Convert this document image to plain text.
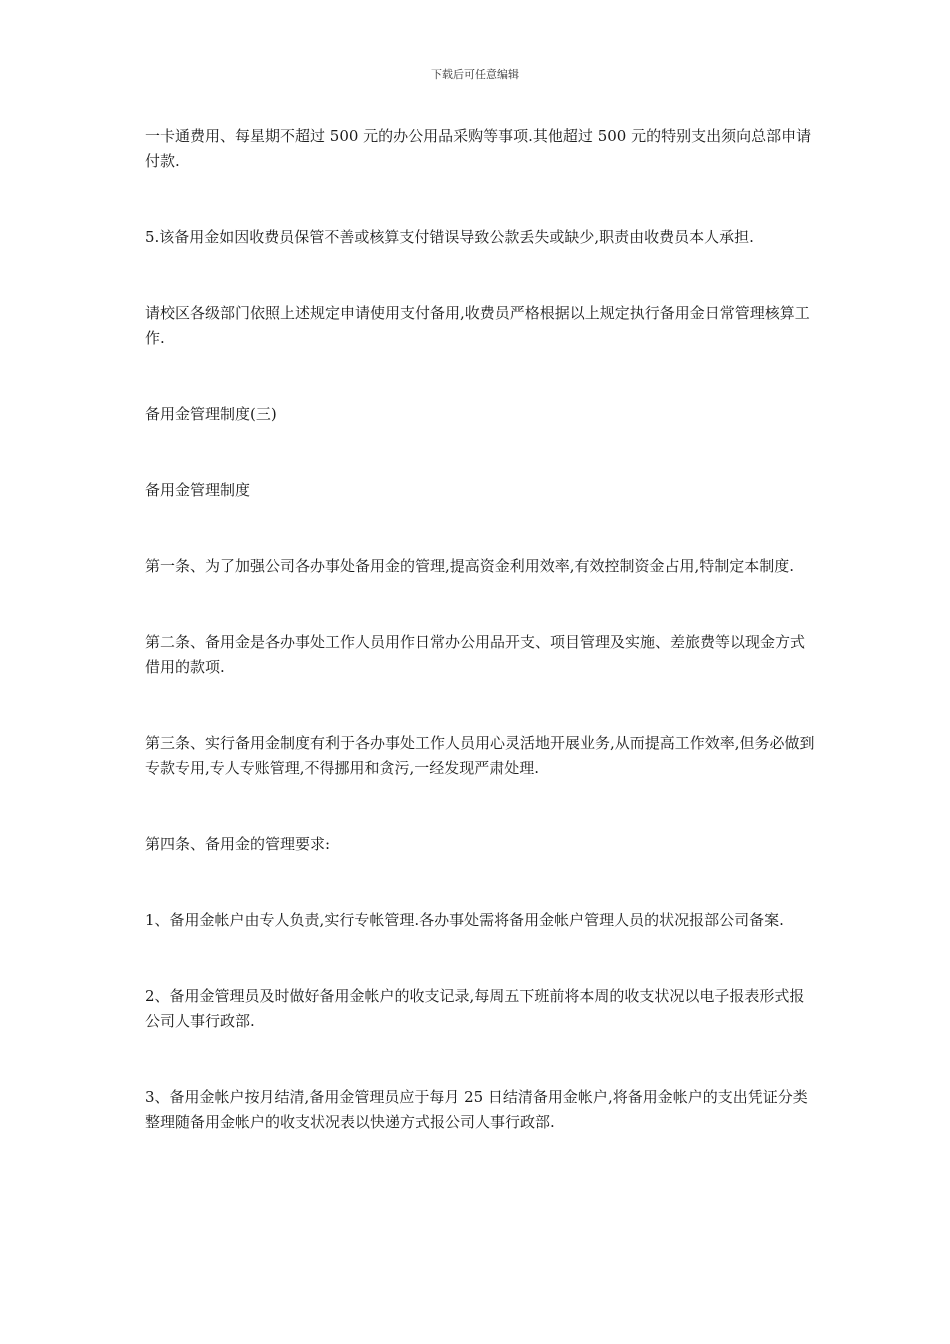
下载后可任意编辑

一卡通费用、每星期不超过 500 元的办公用品采购等事项.其他超过 500 元的特别支出须向总部申请付款.

5.该备用金如因收费员保管不善或核算支付错误导致公款丢失或缺少,职责由收费员本人承担.

请校区各级部门依照上述规定申请使用支付备用,收费员严格根据以上规定执行备用金日常管理核算工作.

备用金管理制度(三)

备用金管理制度

第一条、为了加强公司各办事处备用金的管理,提高资金利用效率,有效控制资金占用,特制定本制度.

第二条、备用金是各办事处工作人员用作日常办公用品开支、项目管理及实施、差旅费等以现金方式借用的款项.

第三条、实行备用金制度有利于各办事处工作人员用心灵活地开展业务,从而提高工作效率,但务必做到专款专用,专人专账管理,不得挪用和贪污,一经发现严肃处理.

第四条、备用金的管理要求:

1、备用金帐户由专人负责,实行专帐管理.各办事处需将备用金帐户管理人员的状况报部公司备案.

2、备用金管理员及时做好备用金帐户的收支记录,每周五下班前将本周的收支状况以电子报表形式报公司人事行政部.

3、备用金帐户按月结清,备用金管理员应于每月 25 日结清备用金帐户,将备用金帐户的支出凭证分类整理随备用金帐户的收支状况表以快递方式报公司人事行政部.
